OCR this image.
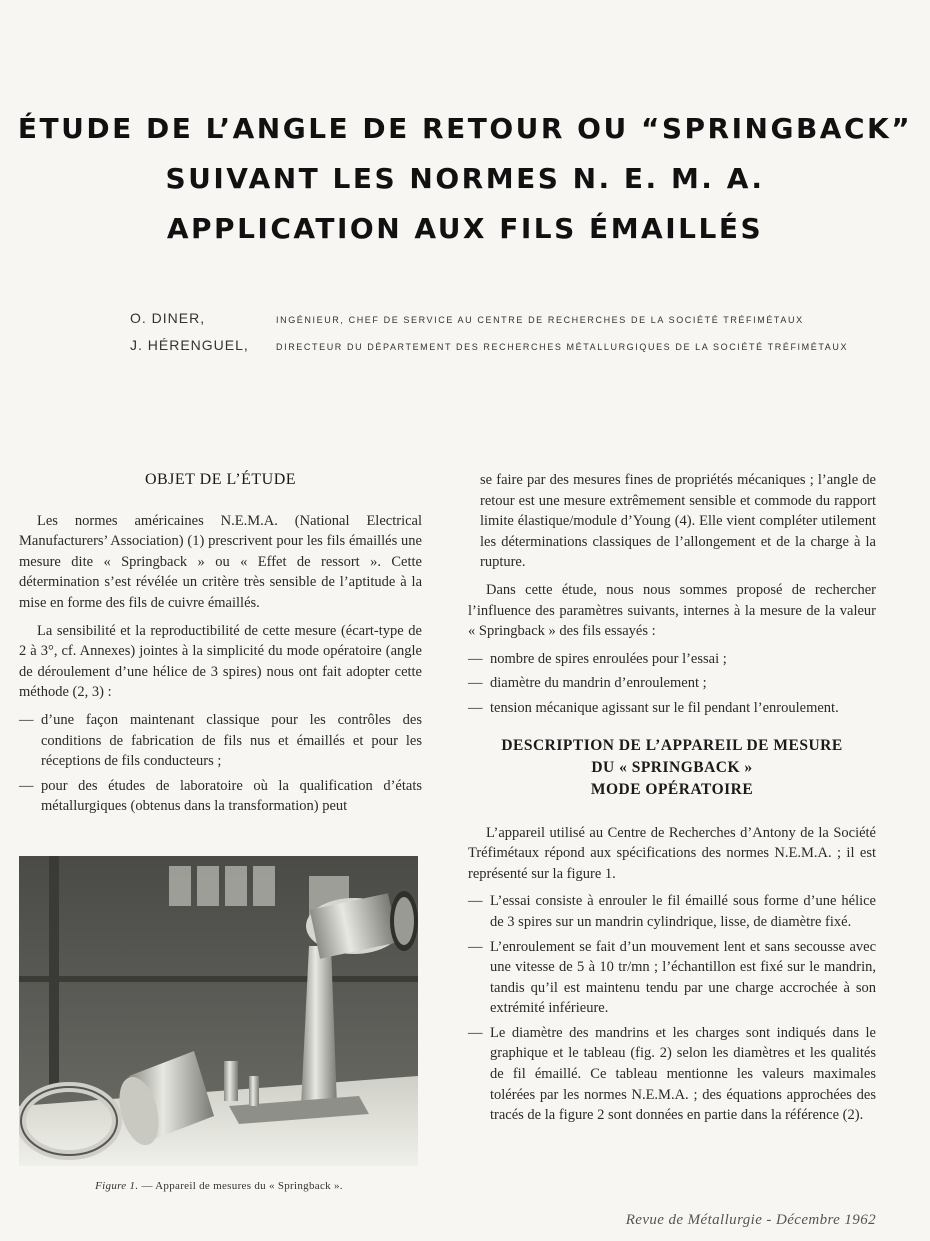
ÉTUDE DE L’ANGLE DE RETOUR OU “SPRINGBACK”
SUIVANT LES NORMES N. E. M. A.
APPLICATION AUX FILS ÉMAILLÉS
O. DINER,	INGÉNIEUR, CHEF DE SERVICE AU CENTRE DE RECHERCHES DE LA SOCIÉTÉ TRÉFIMÉTAUX
J. HÉRENGUEL,	DIRECTEUR DU DÉPARTEMENT DES RECHERCHES MÉTALLURGIQUES DE LA SOCIÉTÉ TRÉFIMÉTAUX
OBJET DE L’ÉTUDE

Les normes américaines N.E.M.A. (National Electrical Manufacturers’ Association) (1) prescrivent pour les fils émaillés une mesure dite « Springback » ou « Effet de ressort ». Cette détermination s’est révélée un critère très sensible de l’aptitude à la mise en forme des fils de cuivre émaillés.

La sensibilité et la reproductibilité de cette mesure (écart-type de 2 à 3°, cf. Annexes) jointes à la simplicité du mode opératoire (angle de déroulement d’une hélice de 3 spires) nous ont fait adopter cette méthode (2, 3) :

— d’une façon maintenant classique pour les contrôles des conditions de fabrication de fils nus et émaillés et pour les réceptions de fils conducteurs ;
— pour des études de laboratoire où la qualification d’états métallurgiques (obtenus dans la transformation) peut
Figure 1. — Appareil de mesures du « Springback ».

se faire par des mesures fines de propriétés mécaniques ; l’angle de retour est une mesure extrêmement sensible et commode du rapport limite élastique/module d’Young (4). Elle vient compléter utilement les déterminations classiques de l’allongement et de la charge à la rupture.

Dans cette étude, nous nous sommes proposé de rechercher l’influence des paramètres suivants, internes à la mesure de la valeur « Springback » des fils essayés :

— nombre de spires enroulées pour l’essai ;
— diamètre du mandrin d’enroulement ;
— tension mécanique agissant sur le fil pendant l’enroulement.
DESCRIPTION DE L’APPAREIL DE MESURE
DU « SPRINGBACK »
MODE OPÉRATOIRE

L’appareil utilisé au Centre de Recherches d’Antony de la Société Tréfimétaux répond aux spécifications des normes N.E.M.A. ; il est représenté sur la figure 1.

— L’essai consiste à enrouler le fil émaillé sous forme d’une hélice de 3 spires sur un mandrin cylindrique, lisse, de diamètre fixé.
— L’enroulement se fait d’un mouvement lent et sans secousse avec une vitesse de 5 à 10 tr/mn ; l’échantillon est fixé sur le mandrin, tandis qu’il est maintenu tendu par une charge accrochée à son extrémité inférieure.
— Le diamètre des mandrins et les charges sont indiqués dans le graphique et le tableau (fig. 2) selon les diamètres et les qualités de fil émaillé. Ce tableau mentionne les valeurs maximales tolérées par les normes N.E.M.A. ; des équations approchées des tracés de la figure 2 sont données en partie dans la référence (2).
Revue de Métallurgie - Décembre 1962
